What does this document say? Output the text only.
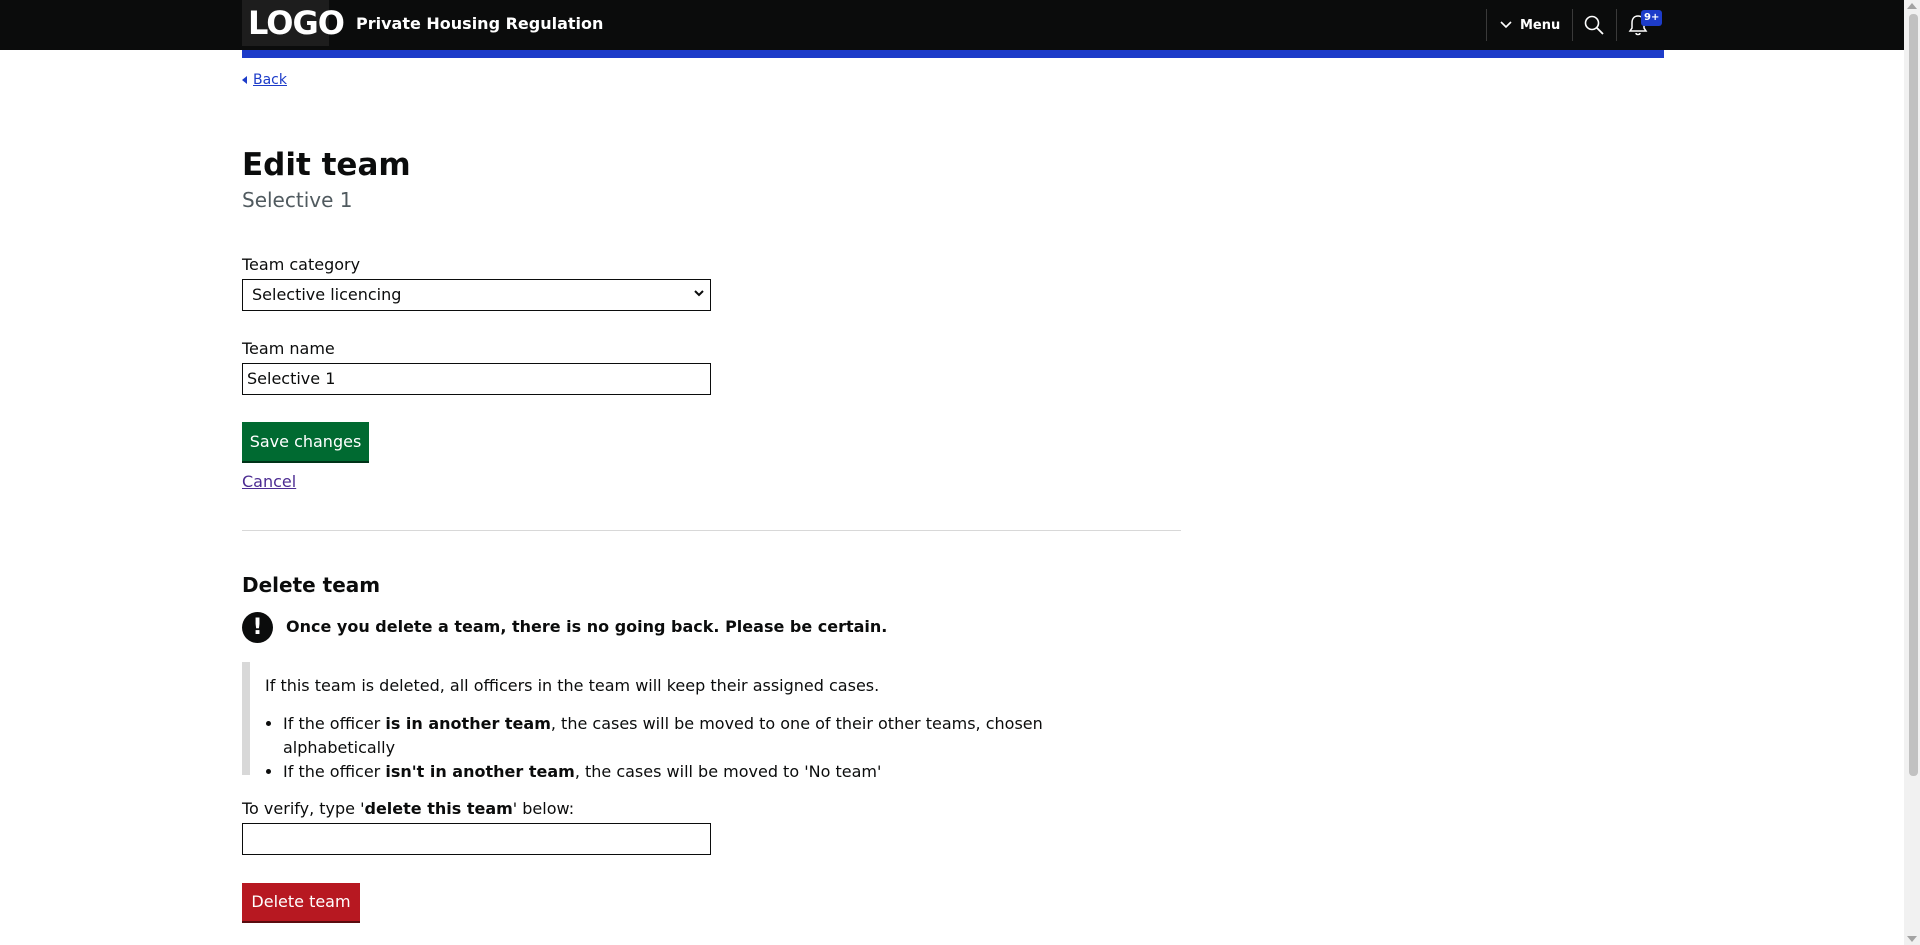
LOGO Private Housing Regulation	Menu	9+
Back
Edit team
Selective 1
Team category
Selective licencing
Team name
Selective 1
Save changes
Cancel
Delete team
!	Once you delete a team, there is no going back. Please be certain.

If this team is deleted, all officers in the team will keep their assigned cases.

• If the officer is in another team, the cases will be moved to one of their other teams, chosen alphabetically
• If the officer isn't in another team, the cases will be moved to 'No team'
To verify, type 'delete this team' below:
Delete team
